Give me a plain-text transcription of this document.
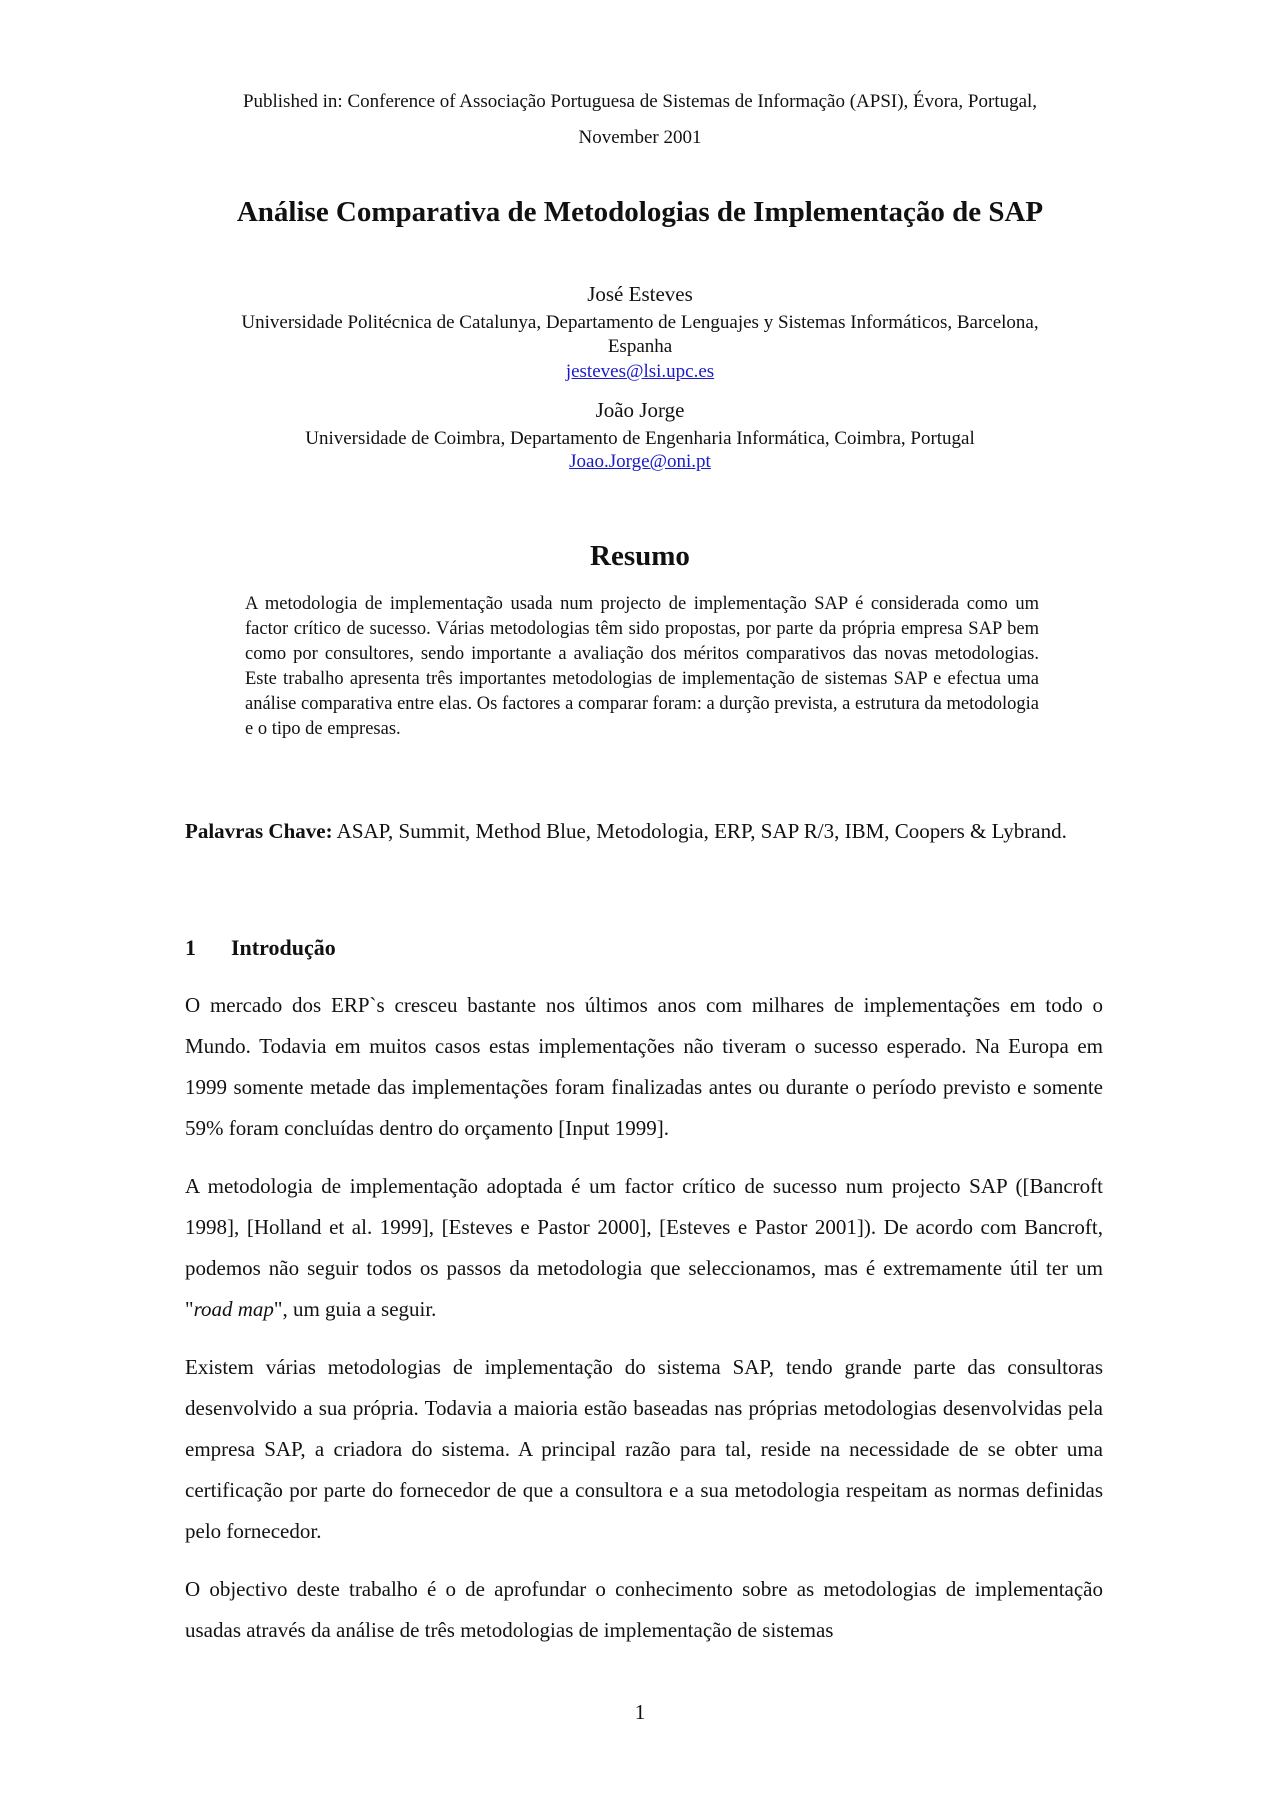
Published in: Conference of Associação Portuguesa de Sistemas de Informação (APSI), Évora, Portugal,
November 2001
Análise Comparativa de Metodologias de Implementação de SAP
José Esteves
Universidade Politécnica de Catalunya, Departamento de Lenguajes y Sistemas Informáticos, Barcelona,
Espanha
jesteves@lsi.upc.es
João Jorge
Universidade de Coimbra, Departamento de Engenharia Informática, Coimbra, Portugal
Joao.Jorge@oni.pt
Resumo

A metodologia de implementação usada num projecto de implementação SAP é considerada como um factor crítico de sucesso. Várias metodologias têm sido propostas, por parte da própria empresa SAP bem como por consultores, sendo importante a avaliação dos méritos comparativos das novas metodologias. Este trabalho apresenta três importantes metodologias de implementação de sistemas SAP e efectua uma análise comparativa entre elas. Os factores a comparar foram: a durção prevista, a estrutura da metodologia e o tipo de empresas.

Palavras Chave: ASAP, Summit, Method Blue, Metodologia, ERP, SAP R/3, IBM, Coopers & Lybrand.

1 Introdução

O mercado dos ERP`s cresceu bastante nos últimos anos com milhares de implementações em todo o Mundo. Todavia em muitos casos estas implementações não tiveram o sucesso esperado. Na Europa em 1999 somente metade das implementações foram finalizadas antes ou durante o período previsto e somente 59% foram concluídas dentro do orçamento [Input 1999].

A metodologia de implementação adoptada é um factor crítico de sucesso num projecto SAP ([Bancroft 1998], [Holland et al. 1999], [Esteves e Pastor 2000], [Esteves e Pastor 2001]). De acordo com Bancroft, podemos não seguir todos os passos da metodologia que seleccionamos, mas é extremamente útil ter um "road map", um guia a seguir.

Existem várias metodologias de implementação do sistema SAP, tendo grande parte das consultoras desenvolvido a sua própria. Todavia a maioria estão baseadas nas próprias metodologias desenvolvidas pela empresa SAP, a criadora do sistema. A principal razão para tal, reside na necessidade de se obter uma certificação por parte do fornecedor de que a consultora e a sua metodologia respeitam as normas definidas pelo fornecedor.

O objectivo deste trabalho é o de aprofundar o conhecimento sobre as metodologias de implementação usadas através da análise de três metodologias de implementação de sistemas

1
